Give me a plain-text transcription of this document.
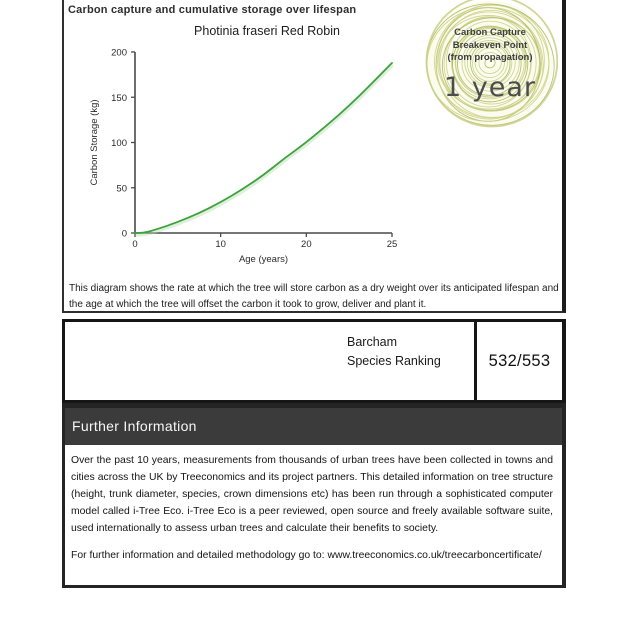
Carbon capture and cumulative storage over lifespan
Photinia fraseri Red Robin
0
50
100
150
200
0	10	20	25
Age (years)
Carbon Storage (kg)
Carbon Capture
Breakeven Point
(from propagation)
1 year

This diagram shows the rate at which the tree will store carbon as a dry weight over its anticipated lifespan and the age at which the tree will offset the carbon it took to grow, deliver and plant it.

Barcham
Species Ranking	532/553
Further Information

Over the past 10 years, measurements from thousands of urban trees have been collected in towns and cities across the UK by Treeconomics and its project partners. This detailed information on tree structure (height, trunk diameter, species, crown dimensions etc) has been run through a sophisticated computer model called i-Tree Eco. i-Tree Eco is a peer reviewed, open source and freely available software suite, used internationally to assess urban trees and calculate their benefits to society.

For further information and detailed methodology go to: www.treeconomics.co.uk/treecarboncertificate/
